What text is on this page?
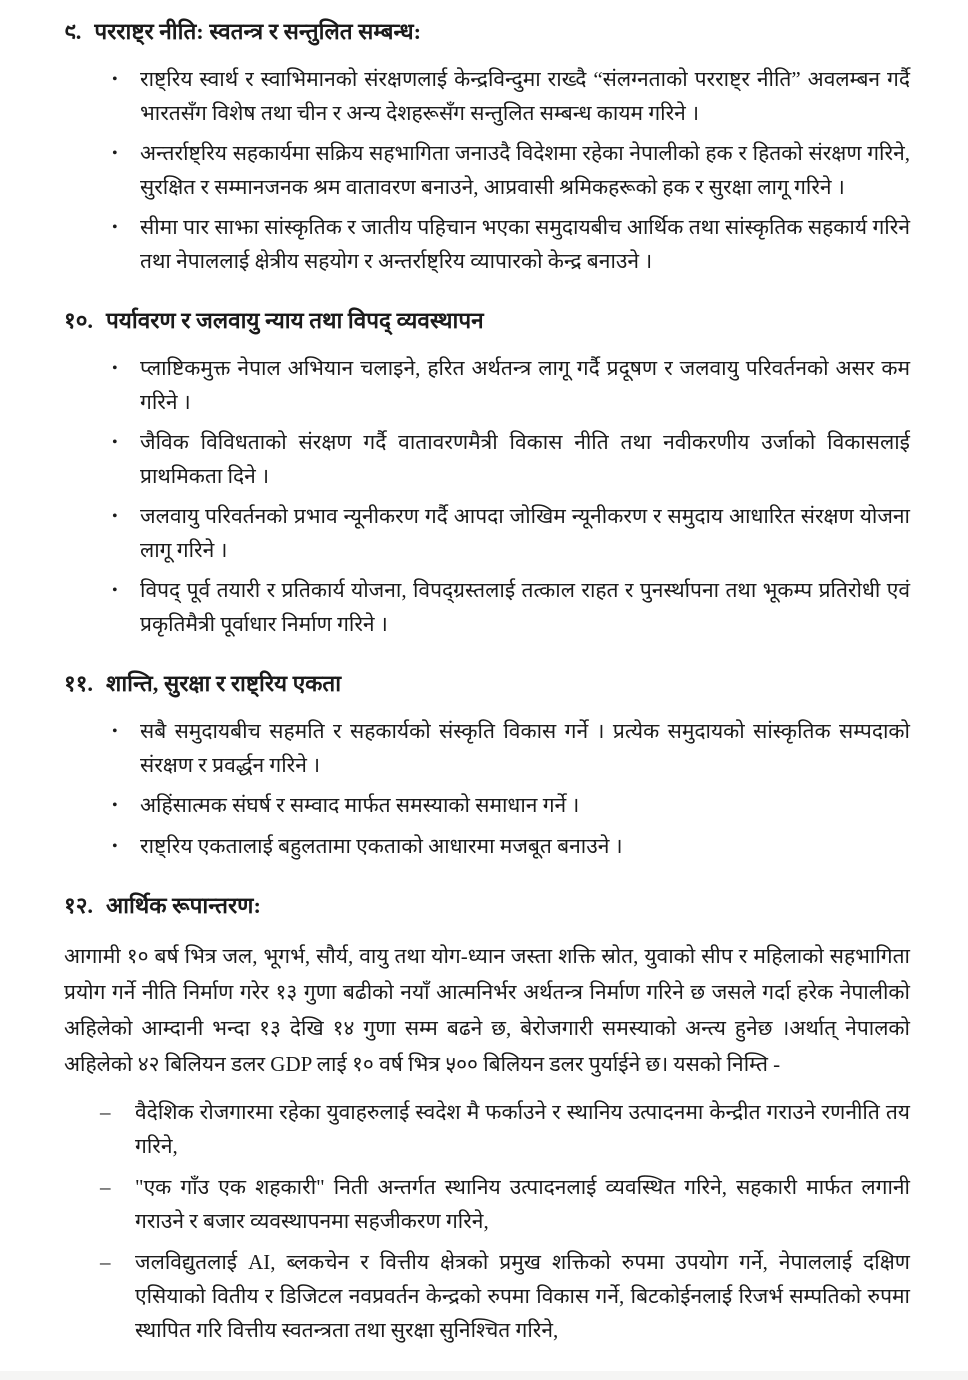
९. परराष्ट्र नीति: स्वतन्त्र र सन्तुलित सम्बन्ध:
•	राष्ट्रिय स्वार्थ र स्वाभिमानको संरक्षणलाई केन्द्रविन्दुमा राख्दै “संलग्नताको परराष्ट्र नीति” अवलम्बन गर्दै भारतसँग विशेष तथा चीन र अन्य देशहरूसँग सन्तुलित सम्बन्ध कायम गरिने ।
•	अन्तर्राष्ट्रिय सहकार्यमा सक्रिय सहभागिता जनाउदै विदेशमा रहेका नेपालीको हक र हितको संरक्षण गरिने, सुरक्षित र सम्मानजनक श्रम वातावरण बनाउने, आप्रवासी श्रमिकहरूको हक र सुरक्षा लागू गरिने ।
•	सीमा पार साझा सांस्कृतिक र जातीय पहिचान भएका समुदायबीच आर्थिक तथा सांस्कृतिक सहकार्य गरिने तथा नेपाललाई क्षेत्रीय सहयोग र अन्तर्राष्ट्रिय व्यापारको केन्द्र बनाउने ।
१०. पर्यावरण र जलवायु न्याय तथा विपद् व्यवस्थापन
•	प्लाष्टिकमुक्त नेपाल अभियान चलाइने, हरित अर्थतन्त्र लागू गर्दै प्रदूषण र जलवायु परिवर्तनको असर कम गरिने ।
•	जैविक विविधताको संरक्षण गर्दै वातावरणमैत्री विकास नीति तथा नवीकरणीय उर्जाको विकासलाई प्राथमिकता दिने ।
•	जलवायु परिवर्तनको प्रभाव न्यूनीकरण गर्दै आपदा जोखिम न्यूनीकरण र समुदाय आधारित संरक्षण योजना लागू गरिने ।
•	विपद् पूर्व तयारी र प्रतिकार्य योजना, विपद्ग्रस्तलाई तत्काल राहत र पुनर्स्थापना तथा भूकम्प प्रतिरोधी एवं प्रकृतिमैत्री पूर्वाधार निर्माण गरिने ।
११. शान्ति, सुरक्षा र राष्ट्रिय एकता
•	सबै समुदायबीच सहमति र सहकार्यको संस्कृति विकास गर्ने । प्रत्येक समुदायको सांस्कृतिक सम्पदाको संरक्षण र प्रवर्द्धन गरिने ।
•	अहिंसात्मक संघर्ष र सम्वाद मार्फत समस्याको समाधान गर्ने ।
•	राष्ट्रिय एकतालाई बहुलतामा एकताको आधारमा मजबूत बनाउने ।
१२. आर्थिक रूपान्तरण:

आगामी १० बर्ष भित्र जल, भूगर्भ, सौर्य, वायु तथा योग-ध्यान जस्ता शक्ति स्रोत, युवाको सीप र महिलाको सहभागिता प्रयोग गर्ने नीति निर्माण गरेर १३ गुणा बढीको नयाँ आत्मनिर्भर अर्थतन्त्र निर्माण गरिने छ जसले गर्दा हरेक नेपालीको अहिलेको आम्दानी भन्दा १३ देखि १४ गुणा सम्म बढने छ, बेरोजगारी समस्याको अन्त्य हुनेछ ।अर्थात् नेपालको अहिलेको ४२ बिलियन डलर GDP लाई १० वर्ष भित्र ५०० बिलियन डलर पुर्याईने छ। यसको निम्ति -

–	वैदेशिक रोजगारमा रहेका युवाहरुलाई स्वदेश मै फर्काउने र स्थानिय उत्पादनमा केन्द्रीत गराउने रणनीति तय गरिने,
–	"एक गाँउ एक शहकारी" निती अन्तर्गत स्थानिय उत्पादनलाई व्यवस्थित गरिने, सहकारी मार्फत लगानी गराउने र बजार व्यवस्थापनमा सहजीकरण गरिने,
–	जलविद्युतलाई AI, ब्लकचेन र वित्तीय क्षेत्रको प्रमुख शक्तिको रुपमा उपयोग गर्ने, नेपाललाई दक्षिण एसियाको वितीय र डिजिटल नवप्रवर्तन केन्द्रको रुपमा विकास गर्ने, बिटकोईनलाई रिजर्भ सम्पतिको रुपमा स्थापित गरि वित्तीय स्वतन्त्रता तथा सुरक्षा सुनिश्चित गरिने,
